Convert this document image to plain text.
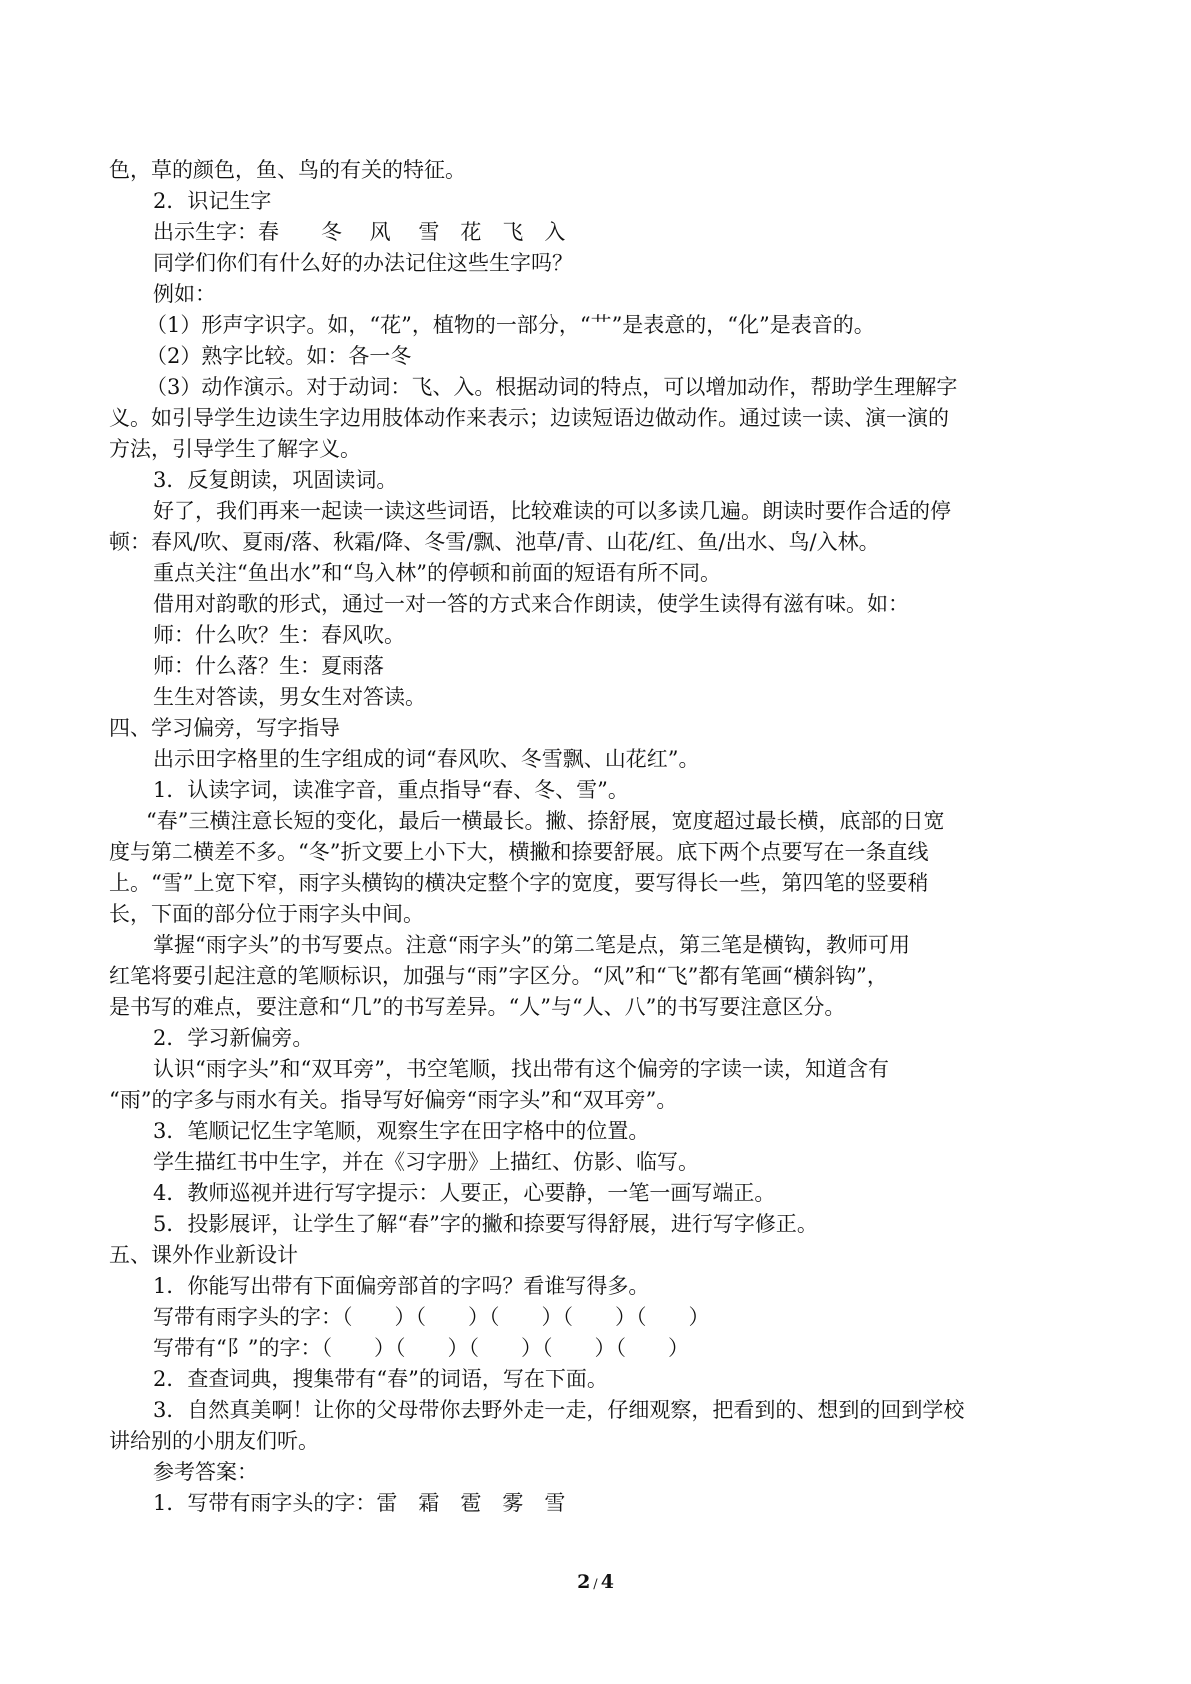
色，草的颜色，鱼、鸟的有关的特征。
2．识记生字
出示生字：春　　冬　 风　 雪　花　飞　入
同学们你们有什么好的办法记住这些生字吗？
例如：
（1）形声字识字。如，“花”，植物的一部分，“艹”是表意的，“化”是表音的。
（2）熟字比较。如：各一冬
（3）动作演示。对于动词：飞、入。根据动词的特点，可以增加动作，帮助学生理解字
义。如引导学生边读生字边用肢体动作来表示；边读短语边做动作。通过读一读、演一演的
方法，引导学生了解字义。
3．反复朗读，巩固读词。
好了，我们再来一起读一读这些词语，比较难读的可以多读几遍。朗读时要作合适的停
顿：春风/吹、夏雨/落、秋霜/降、冬雪/飘、池草/青、山花/红、鱼/出水、鸟/入林。
重点关注“鱼出水”和“鸟入林”的停顿和前面的短语有所不同。
借用对韵歌的形式，通过一对一答的方式来合作朗读，使学生读得有滋有味。如：
师：什么吹？生：春风吹。
师：什么落？生：夏雨落
生生对答读，男女生对答读。
四、学习偏旁，写字指导
出示田字格里的生字组成的词“春风吹、冬雪飘、山花红”。
1．认读字词，读准字音，重点指导“春、冬、雪”。
“春”三横注意长短的变化，最后一横最长。撇、捺舒展，宽度超过最长横，底部的日宽
度与第二横差不多。“冬”折文要上小下大，横撇和捺要舒展。底下两个点要写在一条直线
上。“雪”上宽下窄，雨字头横钩的横决定整个字的宽度，要写得长一些，第四笔的竖要稍
长，下面的部分位于雨字头中间。
掌握“雨字头”的书写要点。注意“雨字头”的第二笔是点，第三笔是横钩，教师可用
红笔将要引起注意的笔顺标识，加强与“雨”字区分。“风”和“飞”都有笔画“横斜钩”，
是书写的难点，要注意和“几”的书写差异。“人”与“人、八”的书写要注意区分。
2．学习新偏旁。
认识“雨字头”和“双耳旁”，书空笔顺，找出带有这个偏旁的字读一读，知道含有
“雨”的字多与雨水有关。指导写好偏旁“雨字头”和“双耳旁”。
3．笔顺记忆生字笔顺，观察生字在田字格中的位置。
学生描红书中生字，并在《习字册》上描红、仿影、临写。
4．教师巡视并进行写字提示：人要正，心要静，一笔一画写端正。
5．投影展评，让学生了解“春”字的撇和捺要写得舒展，进行写字修正。
五、课外作业新设计
1．你能写出带有下面偏旁部首的字吗？看谁写得多。
写带有雨字头的字：（　　）（　　）（　　）（　　）（　　）
写带有“阝”的字：（　　）（　　）（　　）（　　）（　　）
2．查查词典，搜集带有“春”的词语，写在下面。
3．自然真美啊！让你的父母带你去野外走一走，仔细观察，把看到的、想到的回到学校
讲给别的小朋友们听。
参考答案：
1．写带有雨字头的字：雷　霜　雹　雾　雪
2 / 4
